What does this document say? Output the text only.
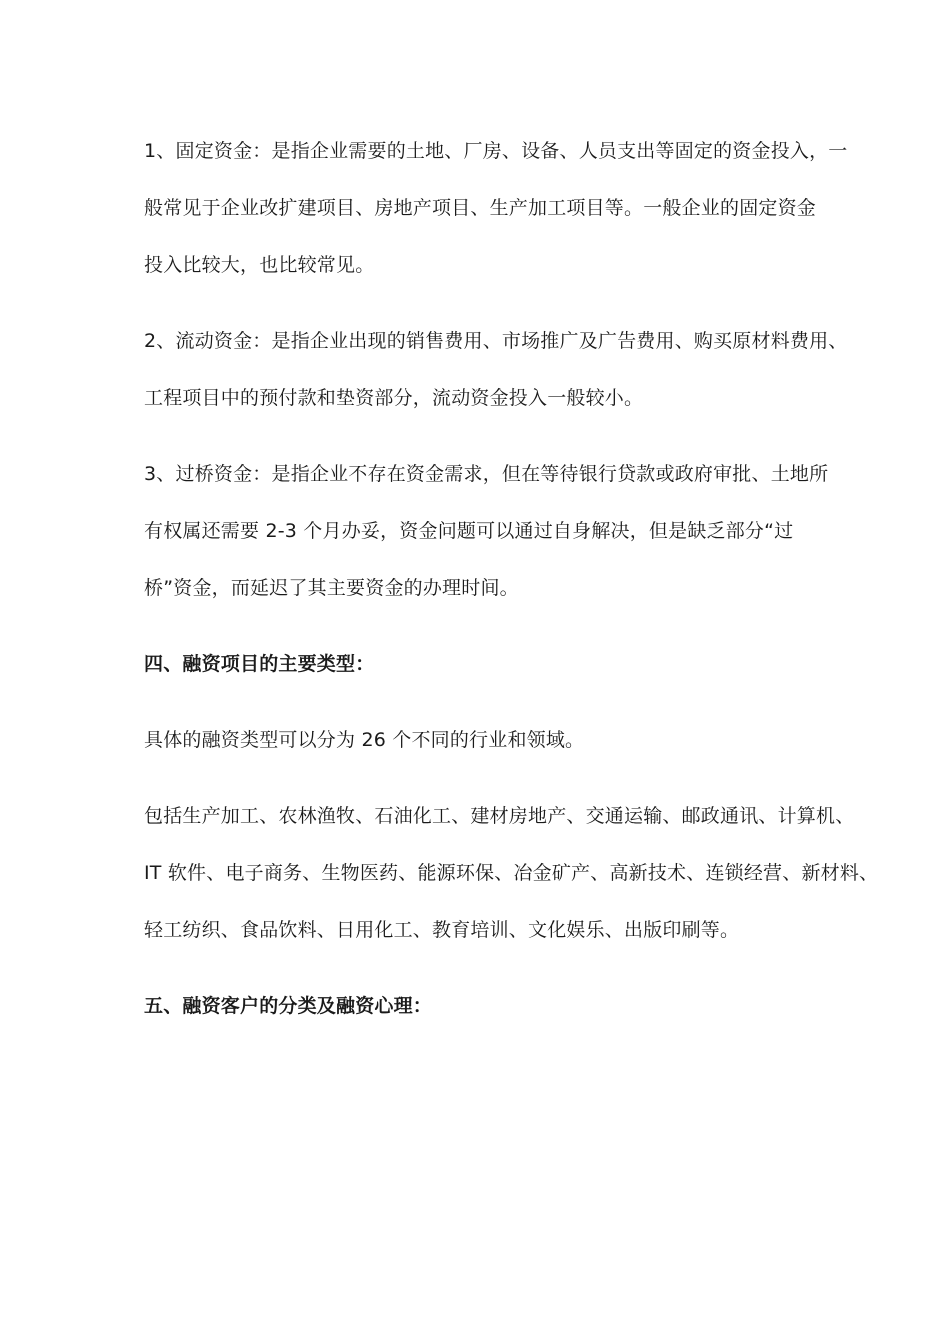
1、固定资金：是指企业需要的土地、厂房、设备、人员支出等固定的资金投入，一
般常见于企业改扩建项目、房地产项目、生产加工项目等。一般企业的固定资金
投入比较大，也比较常见。
2、流动资金：是指企业出现的销售费用、市场推广及广告费用、购买原材料费用、
工程项目中的预付款和垫资部分，流动资金投入一般较小。
3、过桥资金：是指企业不存在资金需求，但在等待银行贷款或政府审批、土地所
有权属还需要 2-3 个月办妥，资金问题可以通过自身解决，但是缺乏部分“过
桥”资金，而延迟了其主要资金的办理时间。
四、融资项目的主要类型：
具体的融资类型可以分为 26 个不同的行业和领域。
包括生产加工、农林渔牧、石油化工、建材房地产、交通运输、邮政通讯、计算机、
IT 软件、电子商务、生物医药、能源环保、冶金矿产、高新技术、连锁经营、新材料、
轻工纺织、食品饮料、日用化工、教育培训、文化娱乐、出版印刷等。
五、融资客户的分类及融资心理：
